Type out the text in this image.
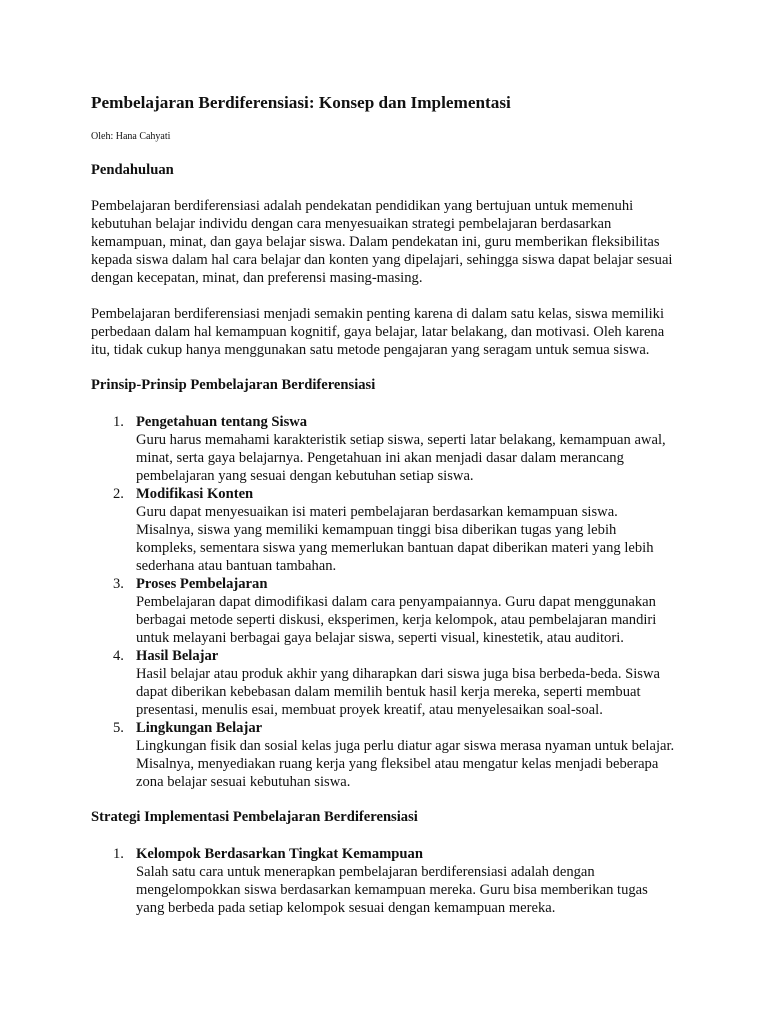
Pembelajaran Berdiferensiasi: Konsep dan Implementasi
Oleh: Hana Cahyati
Pendahuluan

Pembelajaran berdiferensiasi adalah pendekatan pendidikan yang bertujuan untuk memenuhi kebutuhan belajar individu dengan cara menyesuaikan strategi pembelajaran berdasarkan kemampuan, minat, dan gaya belajar siswa. Dalam pendekatan ini, guru memberikan fleksibilitas kepada siswa dalam hal cara belajar dan konten yang dipelajari, sehingga siswa dapat belajar sesuai dengan kecepatan, minat, dan preferensi masing-masing.

Pembelajaran berdiferensiasi menjadi semakin penting karena di dalam satu kelas, siswa memiliki perbedaan dalam hal kemampuan kognitif, gaya belajar, latar belakang, dan motivasi. Oleh karena itu, tidak cukup hanya menggunakan satu metode pengajaran yang seragam untuk semua siswa.

Prinsip-Prinsip Pembelajaran Berdiferensiasi
1. Pengetahuan tentang Siswa
Guru harus memahami karakteristik setiap siswa, seperti latar belakang, kemampuan awal, minat, serta gaya belajarnya. Pengetahuan ini akan menjadi dasar dalam merancang pembelajaran yang sesuai dengan kebutuhan setiap siswa.
2. Modifikasi Konten
Guru dapat menyesuaikan isi materi pembelajaran berdasarkan kemampuan siswa. Misalnya, siswa yang memiliki kemampuan tinggi bisa diberikan tugas yang lebih kompleks, sementara siswa yang memerlukan bantuan dapat diberikan materi yang lebih sederhana atau bantuan tambahan.
3. Proses Pembelajaran
Pembelajaran dapat dimodifikasi dalam cara penyampaiannya. Guru dapat menggunakan berbagai metode seperti diskusi, eksperimen, kerja kelompok, atau pembelajaran mandiri untuk melayani berbagai gaya belajar siswa, seperti visual, kinestetik, atau auditori.
4. Hasil Belajar
Hasil belajar atau produk akhir yang diharapkan dari siswa juga bisa berbeda-beda. Siswa dapat diberikan kebebasan dalam memilih bentuk hasil kerja mereka, seperti membuat presentasi, menulis esai, membuat proyek kreatif, atau menyelesaikan soal-soal.
5. Lingkungan Belajar
Lingkungan fisik dan sosial kelas juga perlu diatur agar siswa merasa nyaman untuk belajar. Misalnya, menyediakan ruang kerja yang fleksibel atau mengatur kelas menjadi beberapa zona belajar sesuai kebutuhan siswa.
Strategi Implementasi Pembelajaran Berdiferensiasi
1. Kelompok Berdasarkan Tingkat Kemampuan
Salah satu cara untuk menerapkan pembelajaran berdiferensiasi adalah dengan mengelompokkan siswa berdasarkan kemampuan mereka. Guru bisa memberikan tugas yang berbeda pada setiap kelompok sesuai dengan kemampuan mereka.
